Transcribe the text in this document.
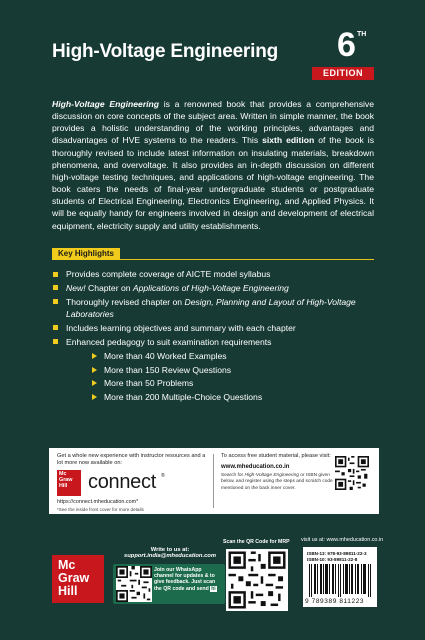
High-Voltage Engineering 6 TH
EDITION
High-Voltage Engineering is a renowned book that provides a comprehensive discussion on core concepts of the subject area. Written in simple manner, the book provides a holistic understanding of the working principles, advantages and disadvantages of HVE systems to the readers. This sixth edition of the book is thoroughly revised to include latest information on insulating materials, breakdown phenomena, and overvoltage. It also provides an in-depth discussion on different high-voltage testing techniques, and applications of high-voltage engineering. The book caters the needs of final-year undergraduate students or postgraduate students of Electrical Engineering, Electronics Engineering, and Applied Physics. It will be equally handy for engineers involved in design and development of electrical equipment, electricity supply and utility establishments.
Key Highlights
Provides complete coverage of AICTE model syllabus
New! Chapter on Applications of High-Voltage Engineering
Thoroughly revised chapter on Design, Planning and Layout of High-Voltage Laboratories
Includes learning objectives and summary with each chapter
Enhanced pedagogy to suit examination requirements
More than 40 Worked Examples
More than 150 Review Questions
More than 50 Problems
More than 200 Multiple-Choice Questions
Get a whole new experience with instructor resources and a lot more now available on:
Mc Graw Hill	connect ®
https://connect.mheducation.com*
*See the inside front cover for more details
To access free student material, please visit:
www.mheducation.co.in
Search for High-Voltage Engineering or ISBN given below, and register using the steps and scratch code mentioned on the back inner cover.
Mc
Graw
Hill
Write to us at:
support.india@mheducation.com
Join our WhatsApp channel for updates & to give feedback. Just scan the QR code and send hi
Scan the QR Code for MRP visit us at: www.mheducation.co.in
ISBN-13: 978-93-89811-22-3
ISBN-10: 93-89811-22-8
9 789389 811223
